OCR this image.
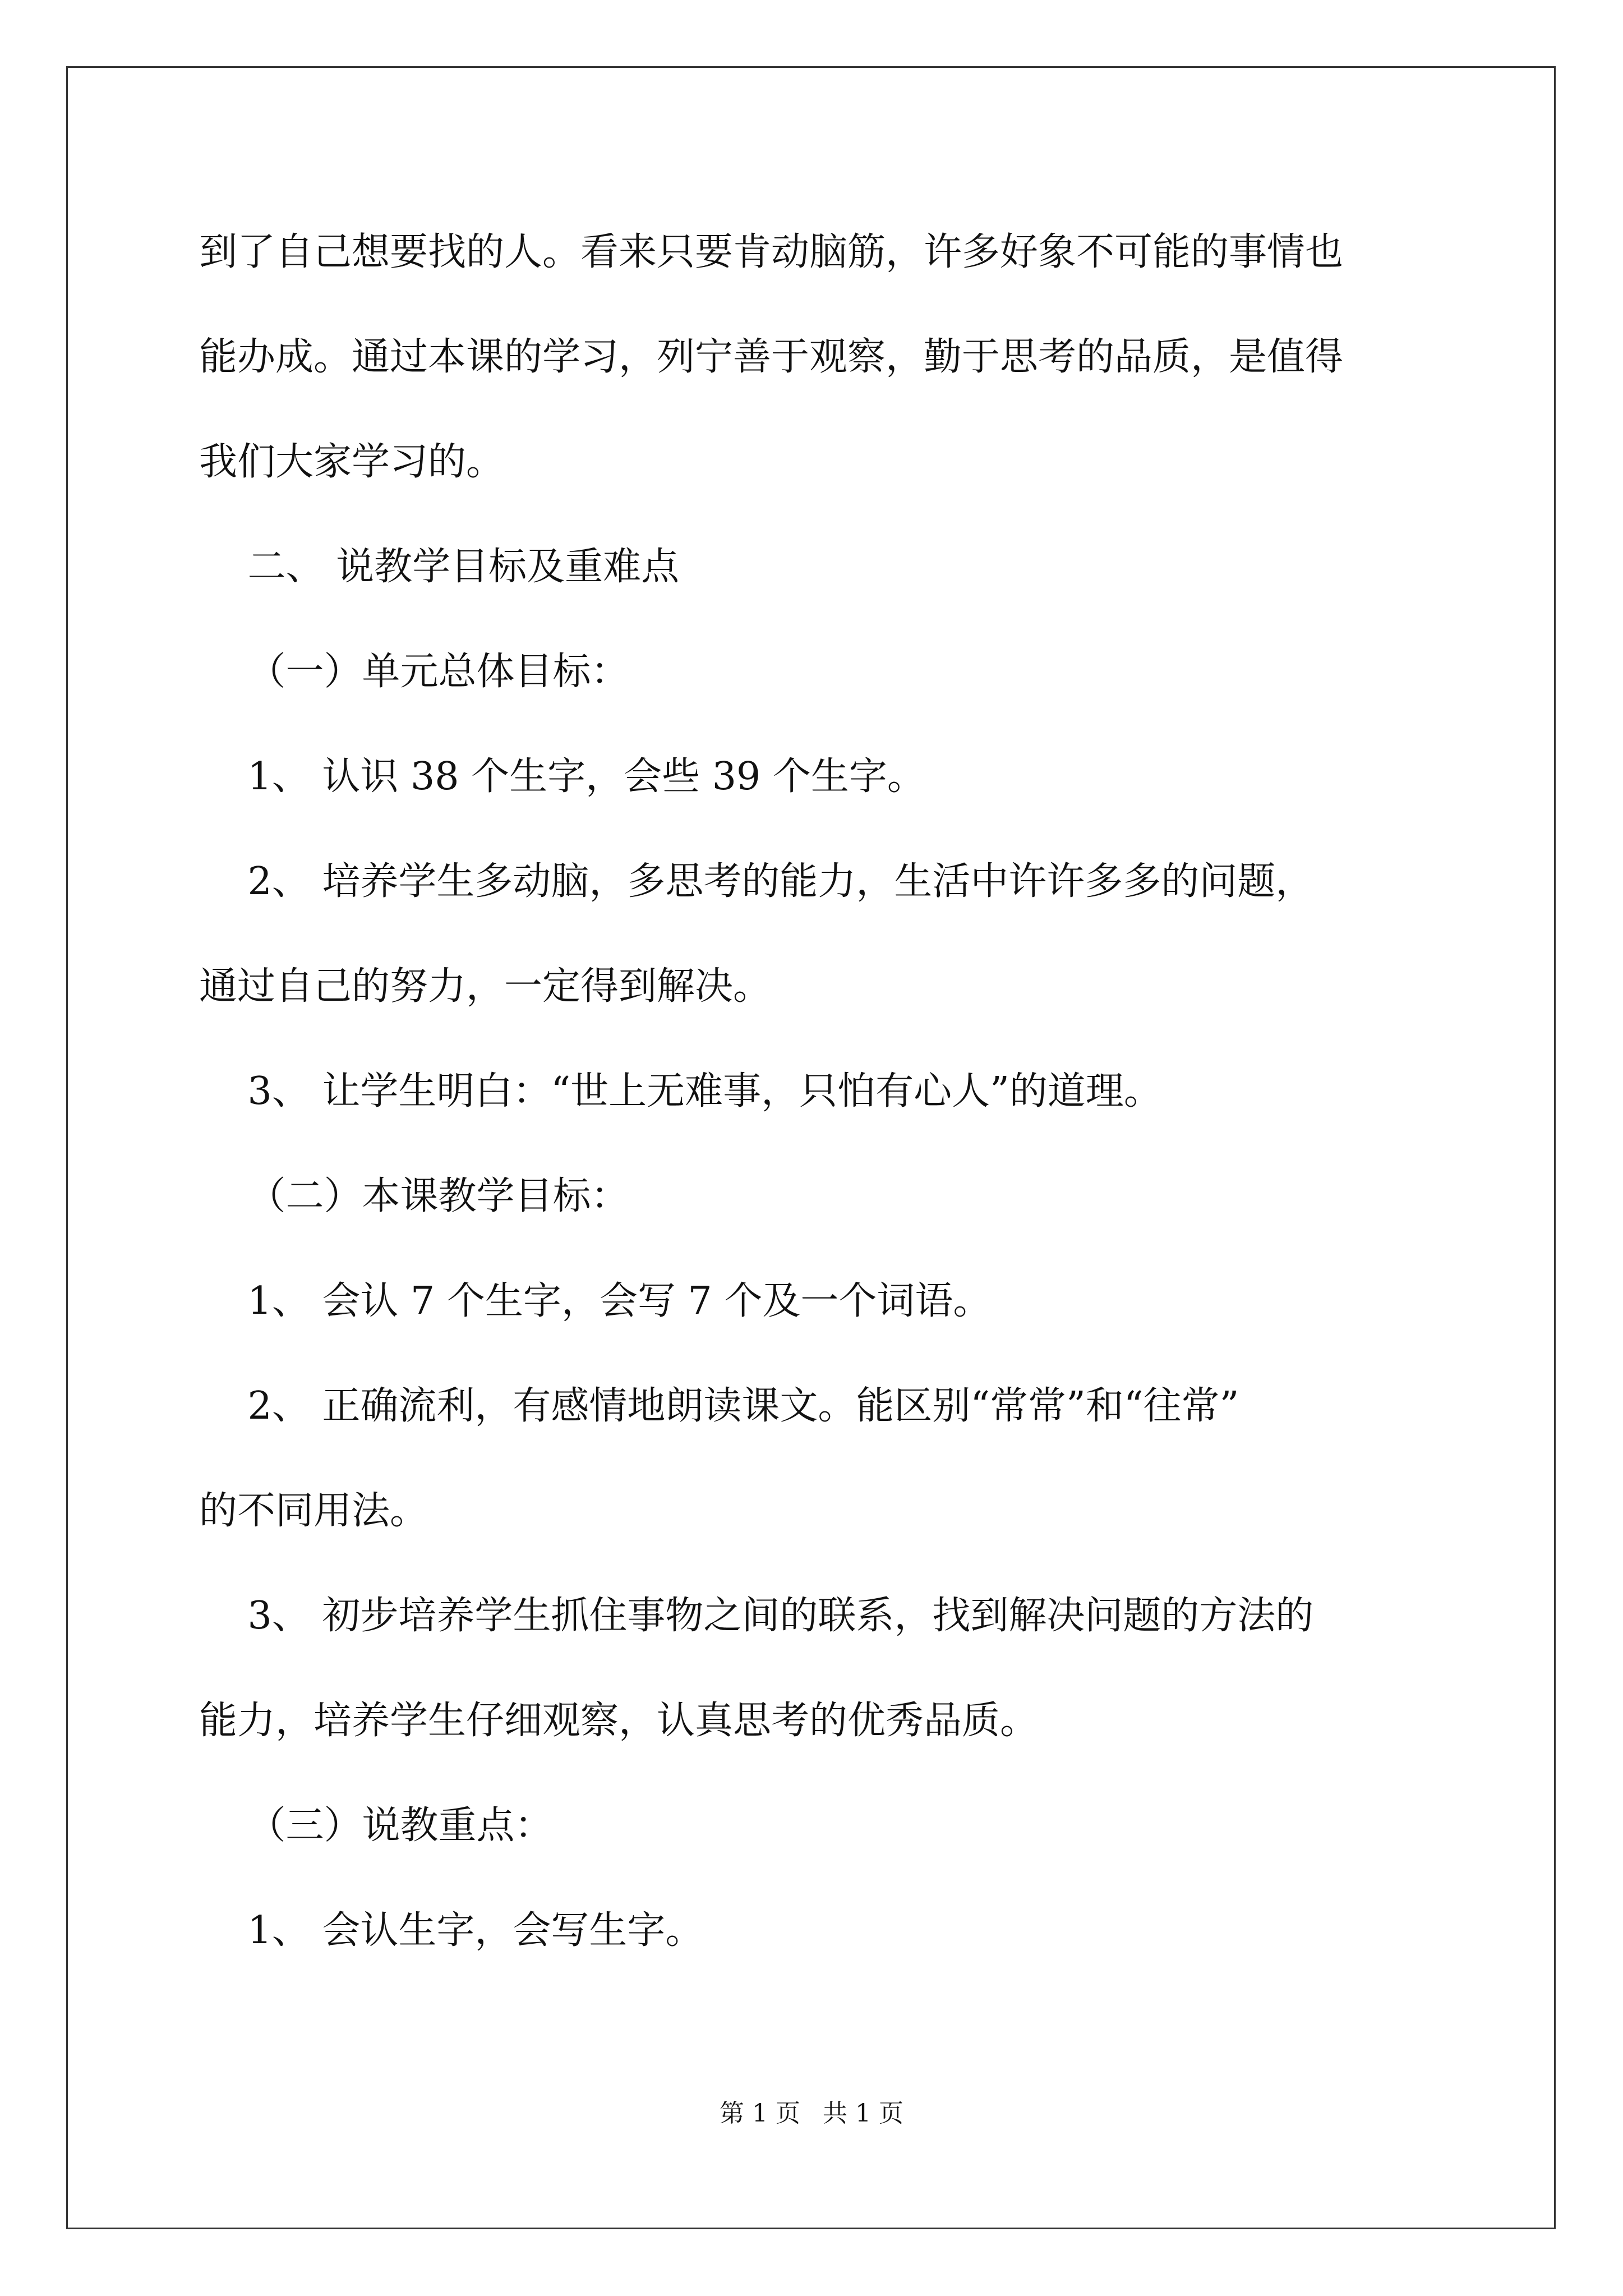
到了自己想要找的人。看来只要肯动脑筋，许多好象不可能的事情也
能办成。通过本课的学习，列宁善于观察，勤于思考的品质，是值得
我们大家学习的。
二、 说教学目标及重难点
（一）单元总体目标：
1、 认识 38 个生字，会些 39 个生字。
2、 培养学生多动脑，多思考的能力，生活中许许多多的问题，
通过自己的努力，一定得到解决。
3、 让学生明白：“世上无难事，只怕有心人”的道理。
（二）本课教学目标：
1、 会认 7 个生字，会写 7 个及一个词语。
2、 正确流利，有感情地朗读课文。能区别“常常”和“往常”
的不同用法。
3、 初步培养学生抓住事物之间的联系，找到解决问题的方法的
能力，培养学生仔细观察，认真思考的优秀品质。
（三）说教重点：
1、 会认生字，会写生字。
第 1 页 共 1 页
